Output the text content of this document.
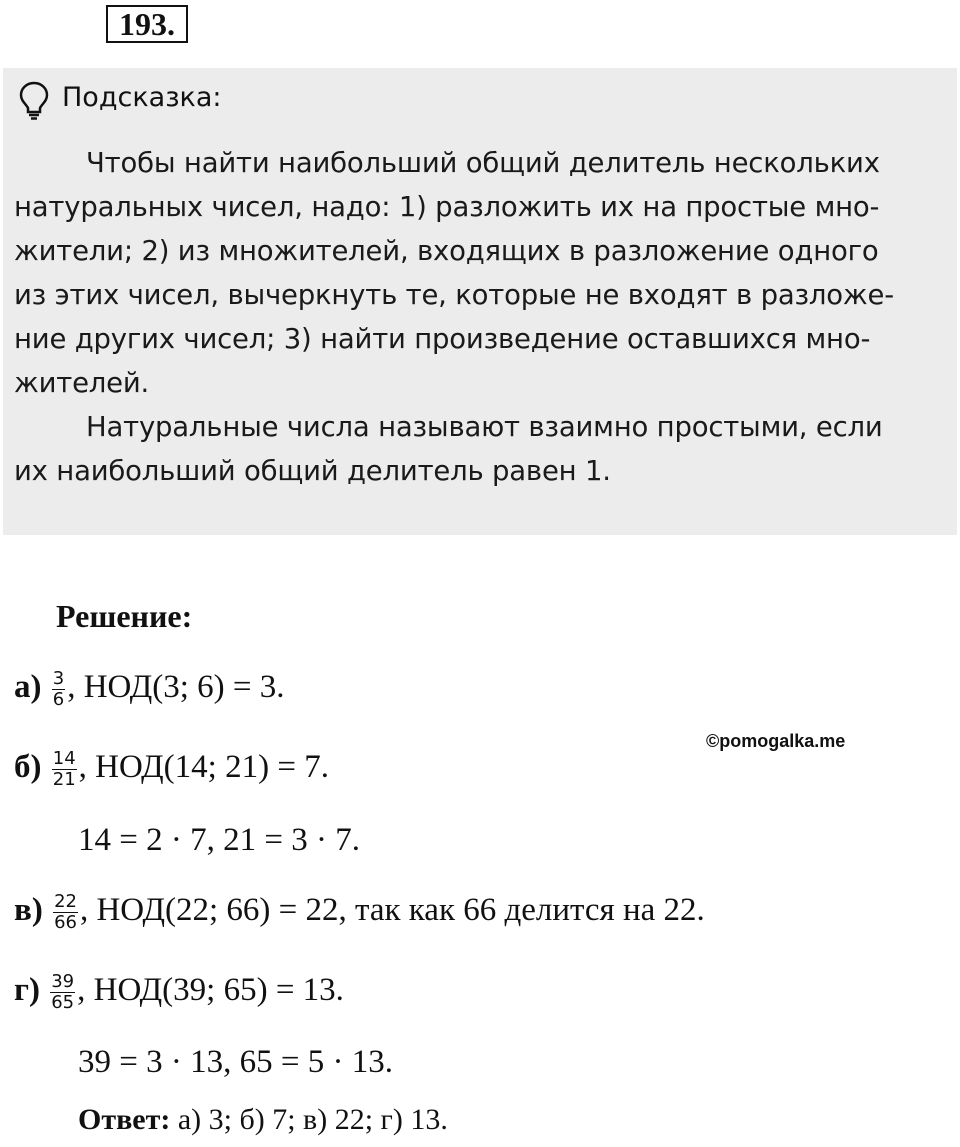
193.
Подсказка:
Чтобы найти наибольший общий делитель нескольких
натуральных чисел, надо: 1) разложить их на простые мно-
жители; 2) из множителей, входящих в разложение одного
из этих чисел, вычеркнуть те, которые не входят в разложе-
ние других чисел; 3) найти произведение оставшихся мно-
жителей.
Натуральные числа называют взаимно простыми, если
их наибольший общий делитель равен 1.
Решение:
$а) \frac{3}{6}$ , НОД(3; 6) = 3.
$б) \frac{14}{21}$ , НОД(14; 21) = 7.
14 = 2 · 7, 21 = 3 · 7.
$в) \frac{22}{66}$ , НОД(22; 66) = 22, так как 66 делится на 22.
$г) \frac{39}{65}$ , НОД(39; 65) = 13.
39 = 3 · 13, 65 = 5 · 13.
Ответ: а) 3; б) 7; в) 22; г) 13.
©pomogalka.me
